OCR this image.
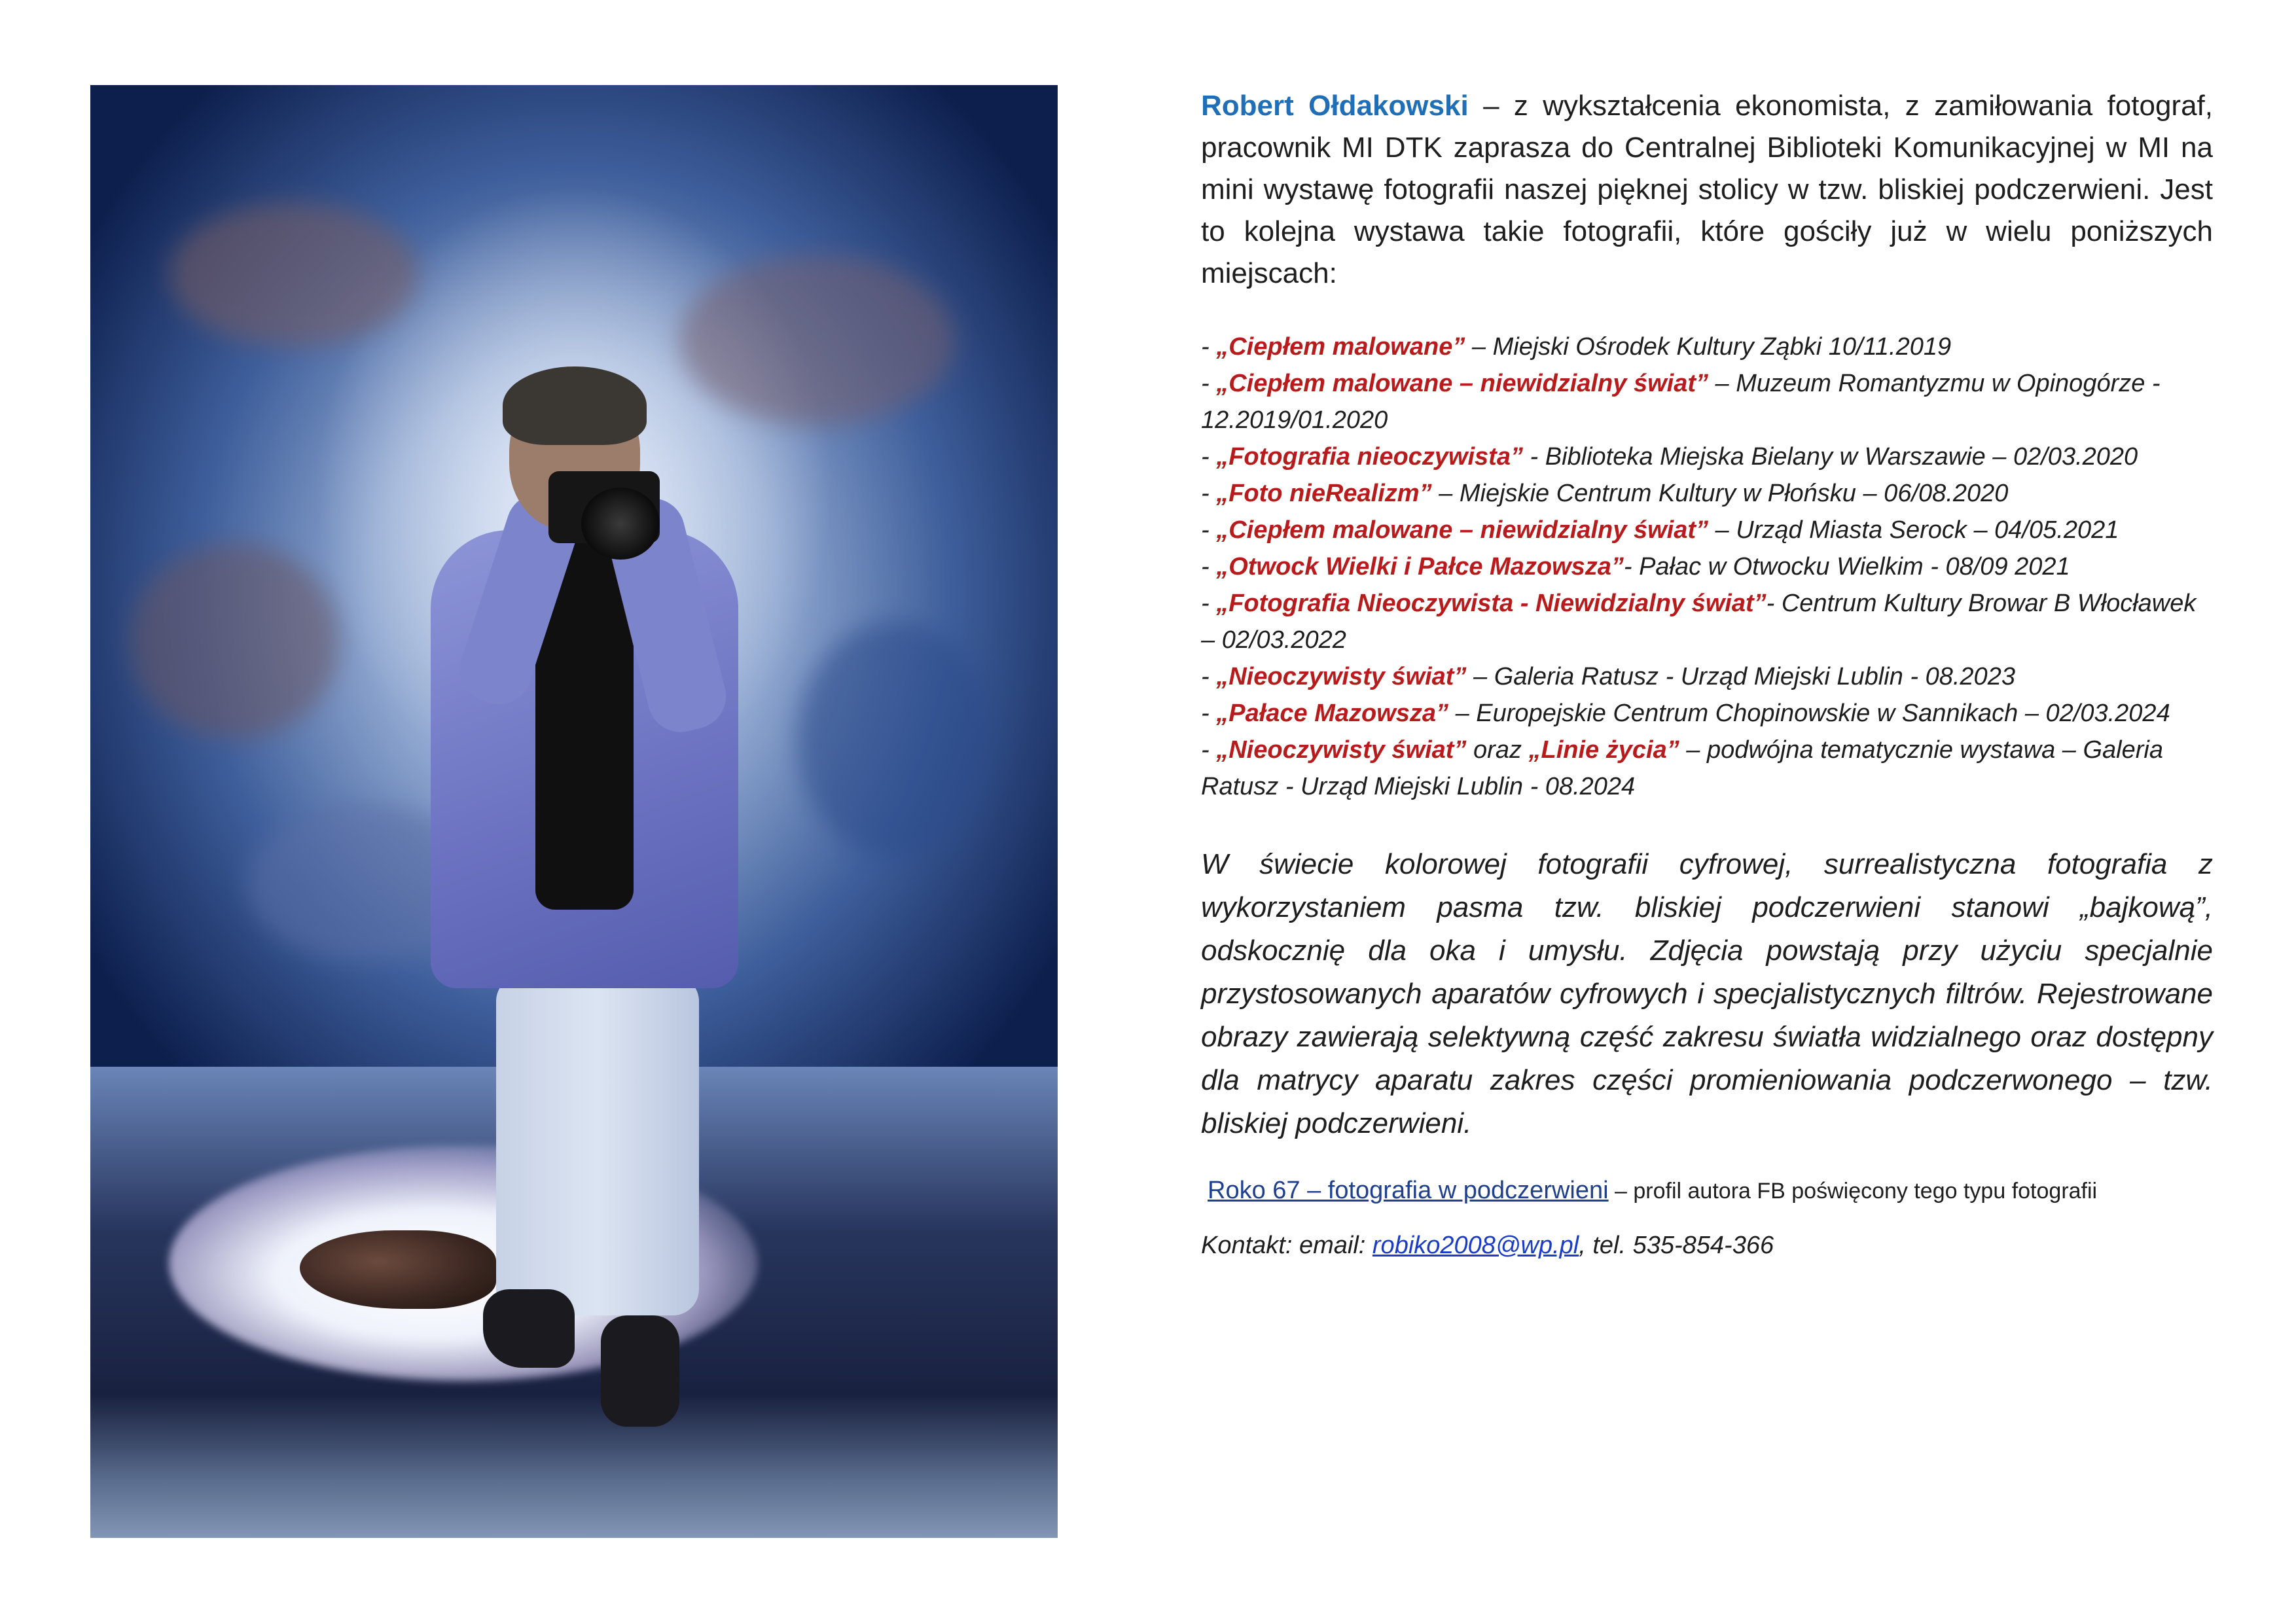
Robert Ołdakowski – z wykształcenia ekonomista, z zamiłowania fotograf, pracownik MI DTK zaprasza do Centralnej Biblioteki Komunikacyjnej w MI na mini wystawę fotografii naszej pięknej stolicy w tzw. bliskiej podczerwieni. Jest to kolejna wystawa takie fotografii, które gościły już w wielu poniższych miejscach:

- „Ciepłem malowane” – Miejski Ośrodek Kultury Ząbki 10/11.2019
- „Ciepłem malowane – niewidzialny świat” – Muzeum Romantyzmu w Opinogórze - 12.2019/01.2020
- „Fotografia nieoczywista” - Biblioteka Miejska Bielany w Warszawie – 02/03.2020
- „Foto nieRealizm” – Miejskie Centrum Kultury w Płońsku – 06/08.2020
- „Ciepłem malowane – niewidzialny świat” – Urząd Miasta Serock – 04/05.2021
- „Otwock Wielki i Pałce Mazowsza”- Pałac w Otwocku Wielkim - 08/09 2021
- „Fotografia Nieoczywista - Niewidzialny świat”- Centrum Kultury Browar B Włocławek – 02/03.2022
- „Nieoczywisty świat” – Galeria Ratusz - Urząd Miejski Lublin - 08.2023
- „Pałace Mazowsza” – Europejskie Centrum Chopinowskie w Sannikach – 02/03.2024
- „Nieoczywisty świat” oraz „Linie życia” – podwójna tematycznie wystawa – Galeria Ratusz - Urząd Miejski Lublin - 08.2024

W świecie kolorowej fotografii cyfrowej, surrealistyczna fotografia z wykorzystaniem pasma tzw. bliskiej podczerwieni stanowi „bajkową”, odskocznię dla oka i umysłu. Zdjęcia powstają przy użyciu specjalnie przystosowanych aparatów cyfrowych i specjalistycznych filtrów. Rejestrowane obrazy zawierają selektywną część zakresu światła widzialnego oraz dostępny dla matrycy aparatu zakres części promieniowania podczerwonego – tzw. bliskiej podczerwieni.

Roko 67 – fotografia w podczerwieni – profil autora FB poświęcony tego typu fotografii

Kontakt: email: robiko2008@wp.pl, tel. 535-854-366
